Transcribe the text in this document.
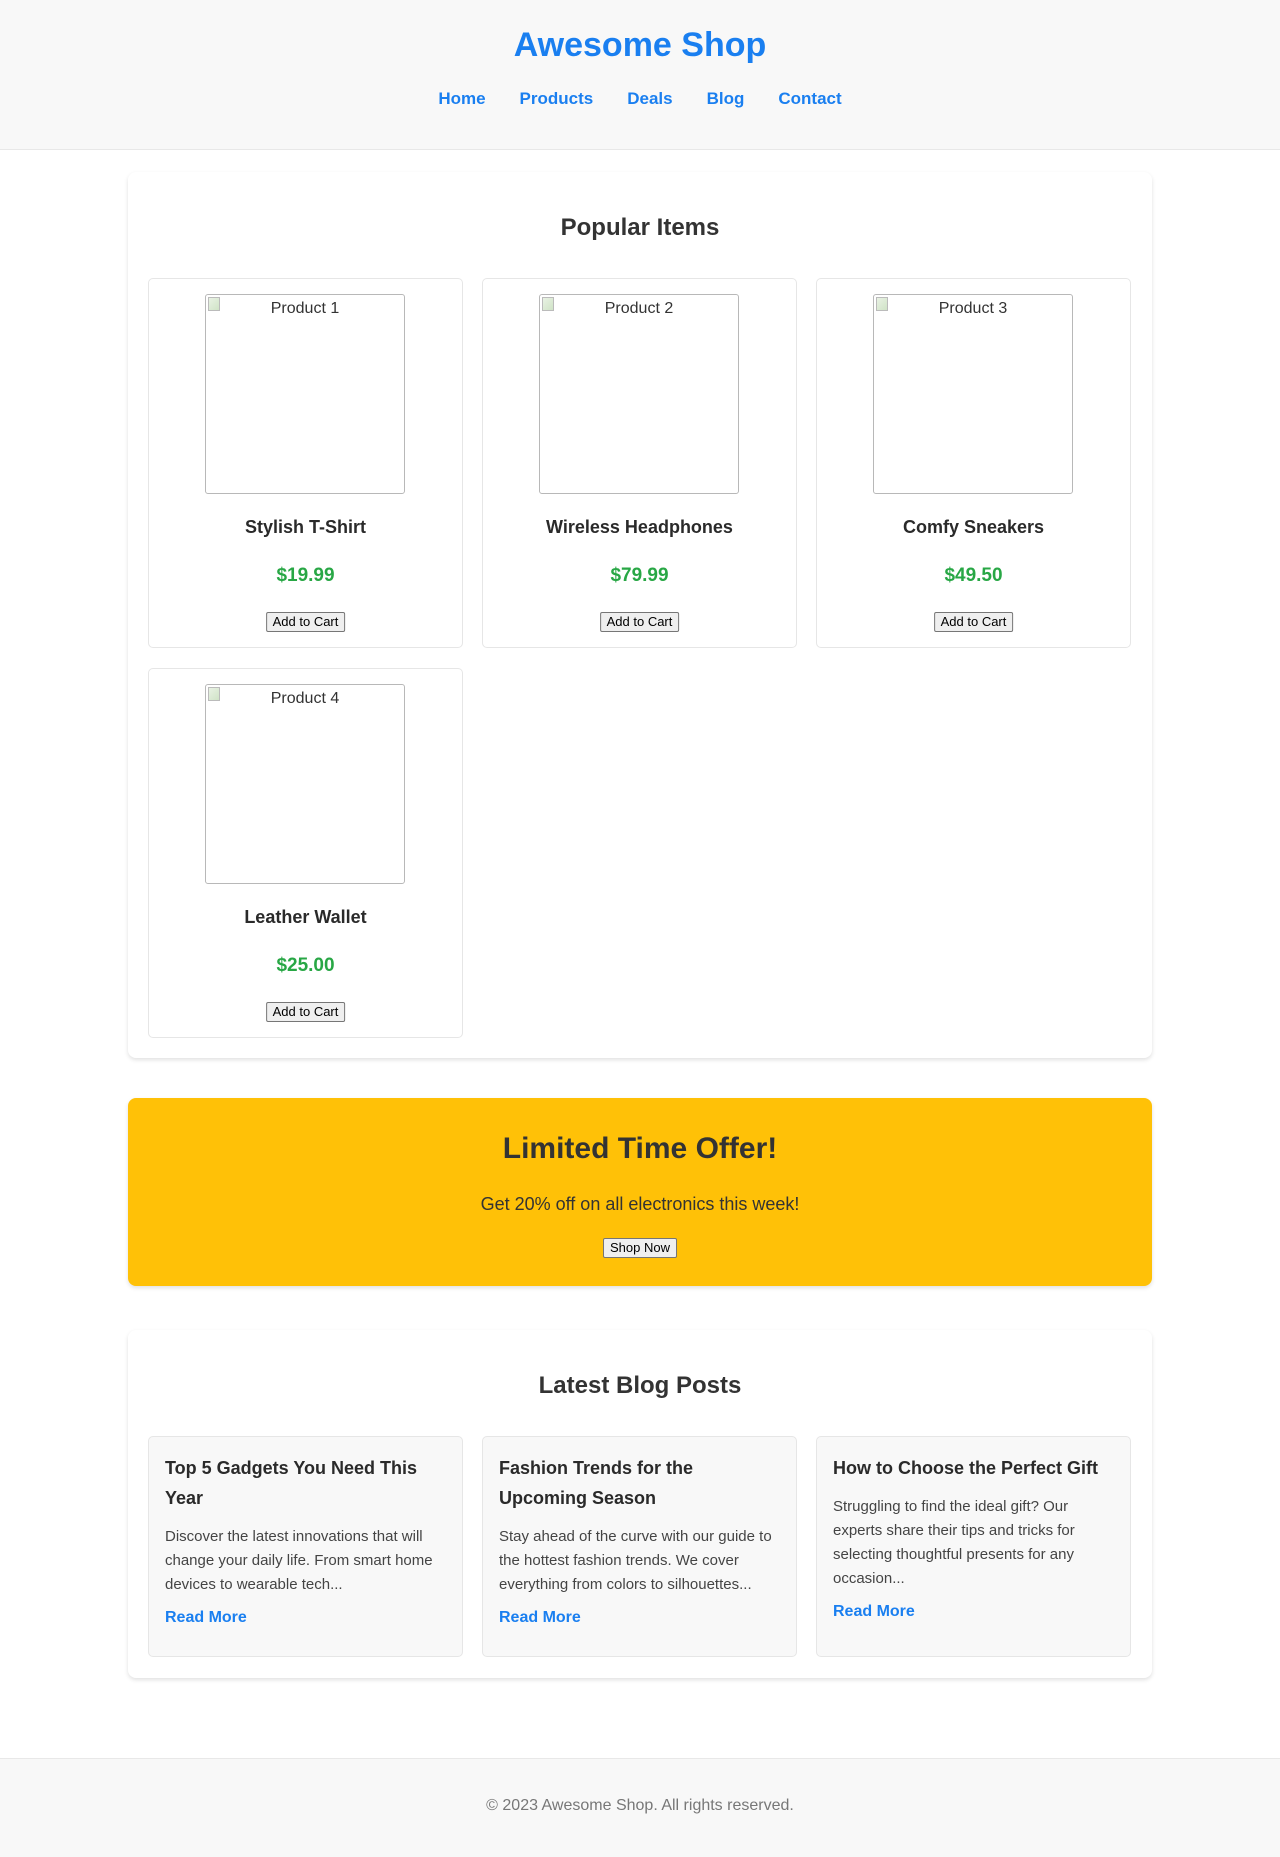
Awesome Shop
Home	Products	Deals	Blog	Contact
Popular Items
Product 1
Stylish T-Shirt

$19.99

Add to Cart
Product 2
Wireless Headphones

$79.99

Add to Cart
Product 3
Comfy Sneakers

$49.50

Add to Cart
Product 4
Leather Wallet

$25.00

Add to Cart
Limited Time Offer!

Get 20% off on all electronics this week!

Shop Now
Latest Blog Posts
Top 5 Gadgets You Need This Year

Discover the latest innovations that will change your daily life. From smart home devices to wearable tech...

Read More
Fashion Trends for the Upcoming Season

Stay ahead of the curve with our guide to the hottest fashion trends. We cover everything from colors to silhouettes...

Read More
How to Choose the Perfect Gift

Struggling to find the ideal gift? Our experts share their tips and tricks for selecting thoughtful presents for any occasion...

Read More

© 2023 Awesome Shop. All rights reserved.
